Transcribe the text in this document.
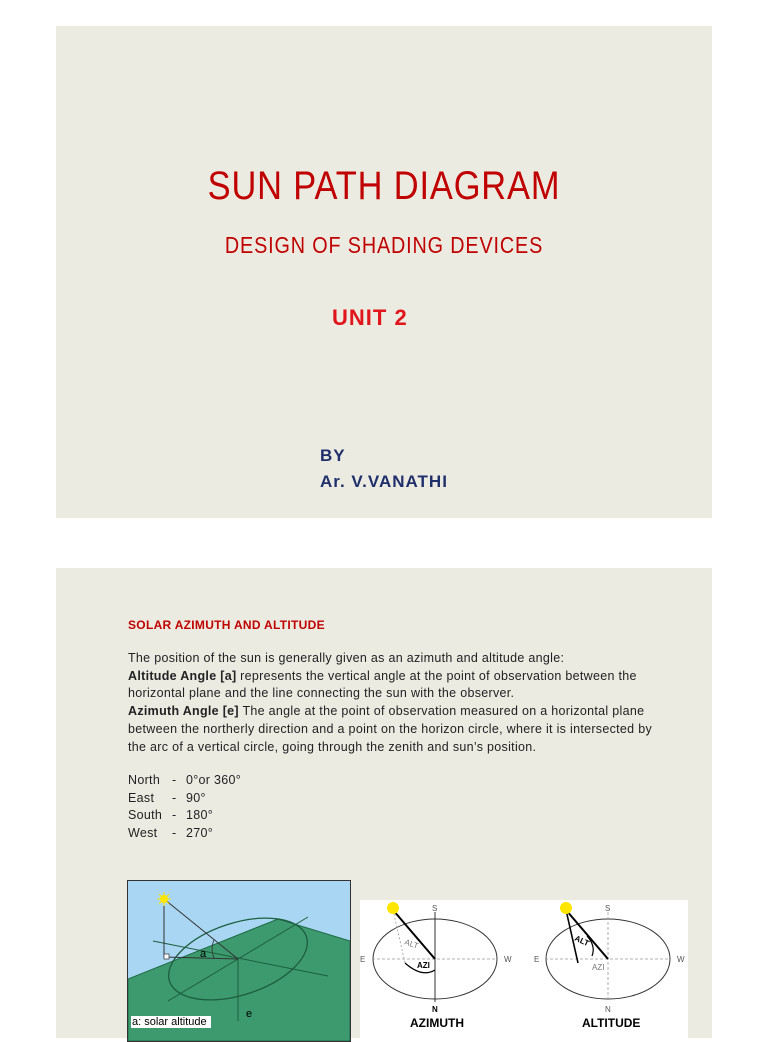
SUN PATH DIAGRAM
DESIGN OF SHADING DEVICES
UNIT 2
BY
Ar. V.VANATHI
SOLAR AZIMUTH AND ALTITUDE
The position of the sun is generally given as an azimuth and altitude angle:
Altitude Angle [a] represents the vertical angle at the point of observation between the horizontal plane and the line connecting the sun with the observer.
Azimuth Angle [e] The angle at the point of observation measured on a horizontal plane between the northerly direction and a point on the horizon circle, where it is intersected by the arc of a vertical circle, going through the zenith and sun’s position.
North - 0°or 360°
East - 90°
South - 180°
West - 270°
a
e
a: solar altitude
S
E	W
N
ALT
AZI
S
E	W
N
ALT
AZI
AZIMUTH	ALTITUDE
